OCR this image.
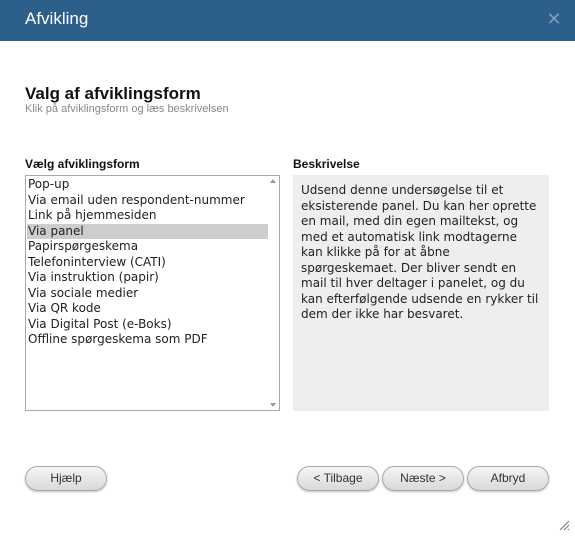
Afvikling	✕
Valg af afviklingsform
Klik på afviklingsform og læs beskrivelsen
Vælg afviklingsform	Beskrivelse
Pop-up
Via email uden respondent-nummer
Link på hjemmesiden
Via panel
Papirspørgeskema
Telefoninterview (CATI)
Via instruktion (papir)
Via sociale medier
Via QR kode
Via Digital Post (e-Boks)
Offline spørgeskema som PDF
Udsend denne undersøgelse til et eksisterende panel. Du kan her oprette en mail, med din egen mailtekst, og med et automatisk link modtagerne kan klikke på for at åbne spørgeskemaet. Der bliver sendt en mail til hver deltager i panelet, og du kan efterfølgende udsende en rykker til dem der ikke har besvaret.
Hjælp	< Tilbage	Næste >	Afbryd
